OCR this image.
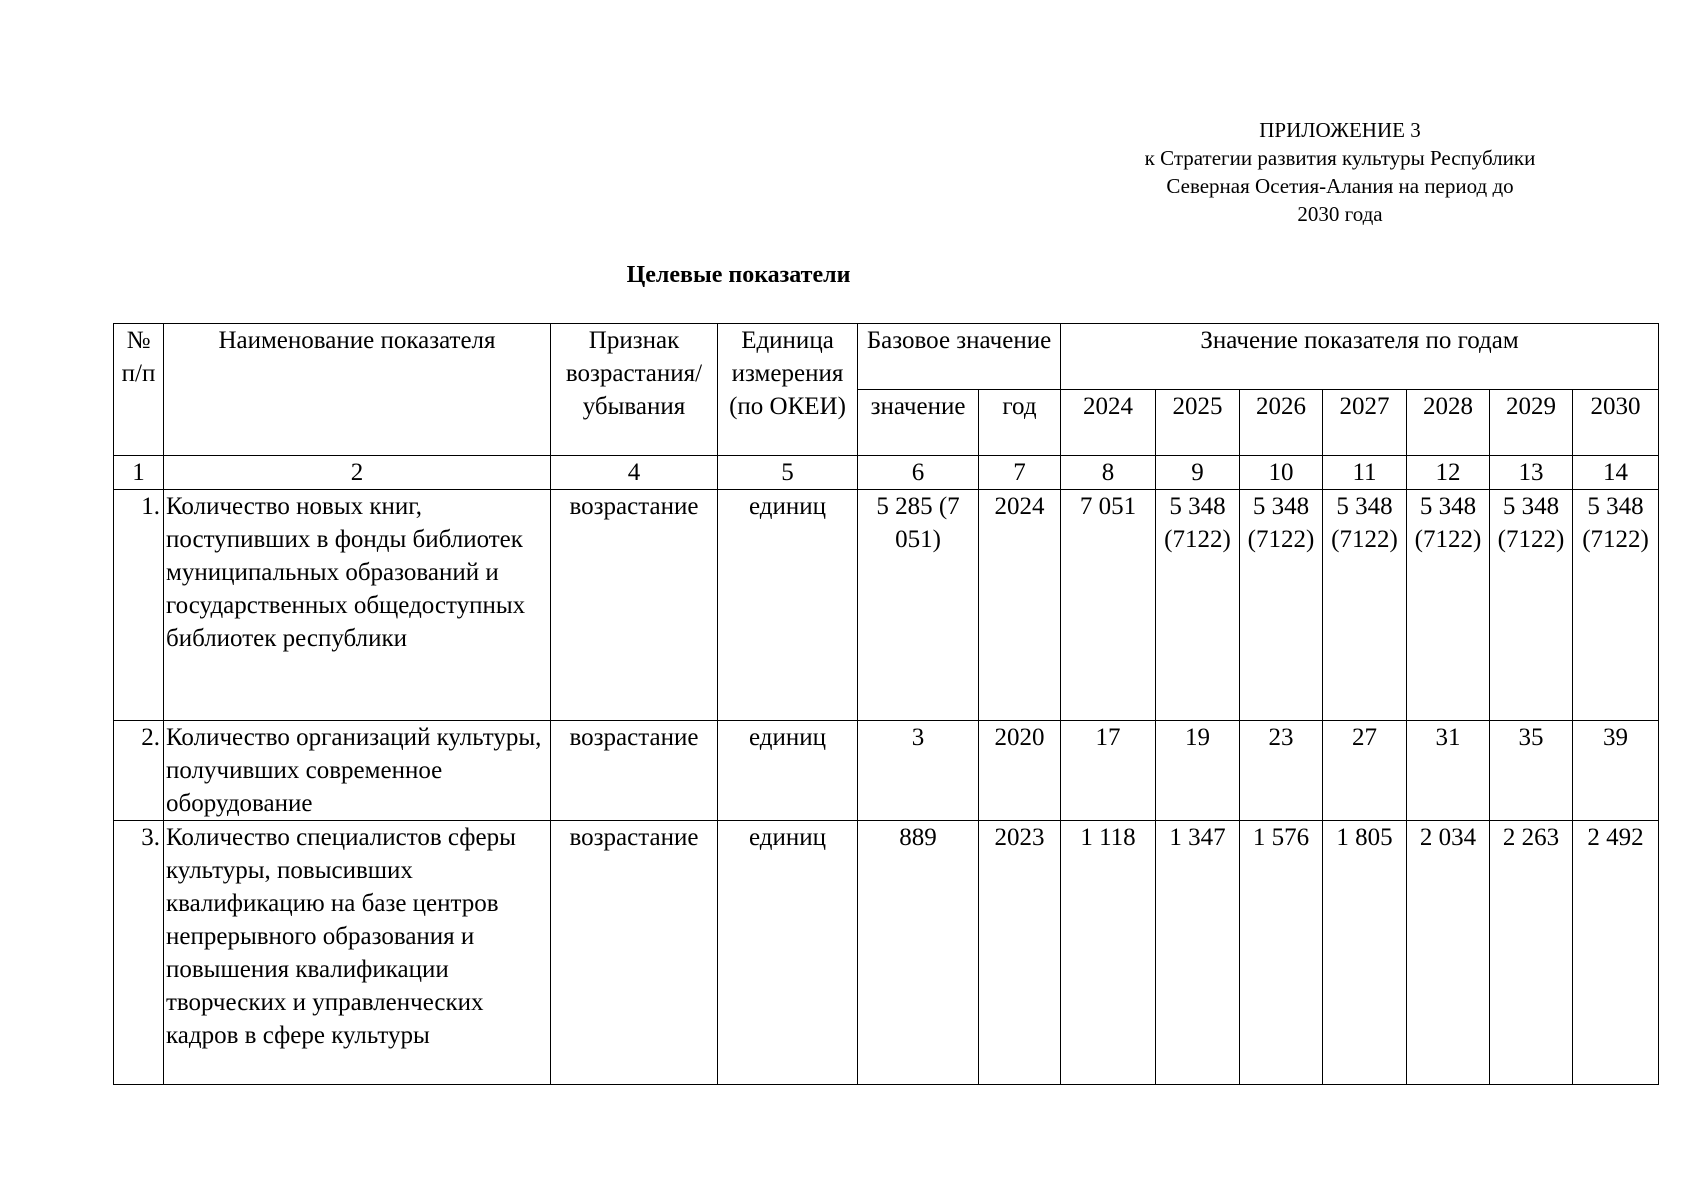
ПРИЛОЖЕНИЕ 3
к Стратегии развития культуры Республики
Северная Осетия-Алания на период до
2030 года
Целевые показатели
№ п/п	Наименование показателя	Признак возрастания/ убывания	Единица измерения (по ОКЕИ)	Базовое значение		Значение показателя по годам						
				значение	год	2024	2025	2026	2027	2028	2029	2030
1	2	4	5	6	7	8	9	10	11	12	13	14
1.	Количество новых книг, поступивших в фонды библиотек муниципальных образований и государственных общедоступных библиотек республики	возрастание	единиц	5 285 (7 051)	2024	7 051	5 348 (7122)	5 348 (7122)	5 348 (7122)	5 348 (7122)	5 348 (7122)	5 348 (7122)
2.	Количество организаций культуры, получивших современное оборудование	возрастание	единиц	3	2020	17	19	23	27	31	35	39
3.	Количество специалистов сферы культуры, повысивших квалификацию на базе центров непрерывного образования и повышения квалификации творческих и управленческих кадров в сфере культуры	возрастание	единиц	889	2023	1 118	1 347	1 576	1 805	2 034	2 263	2 492
